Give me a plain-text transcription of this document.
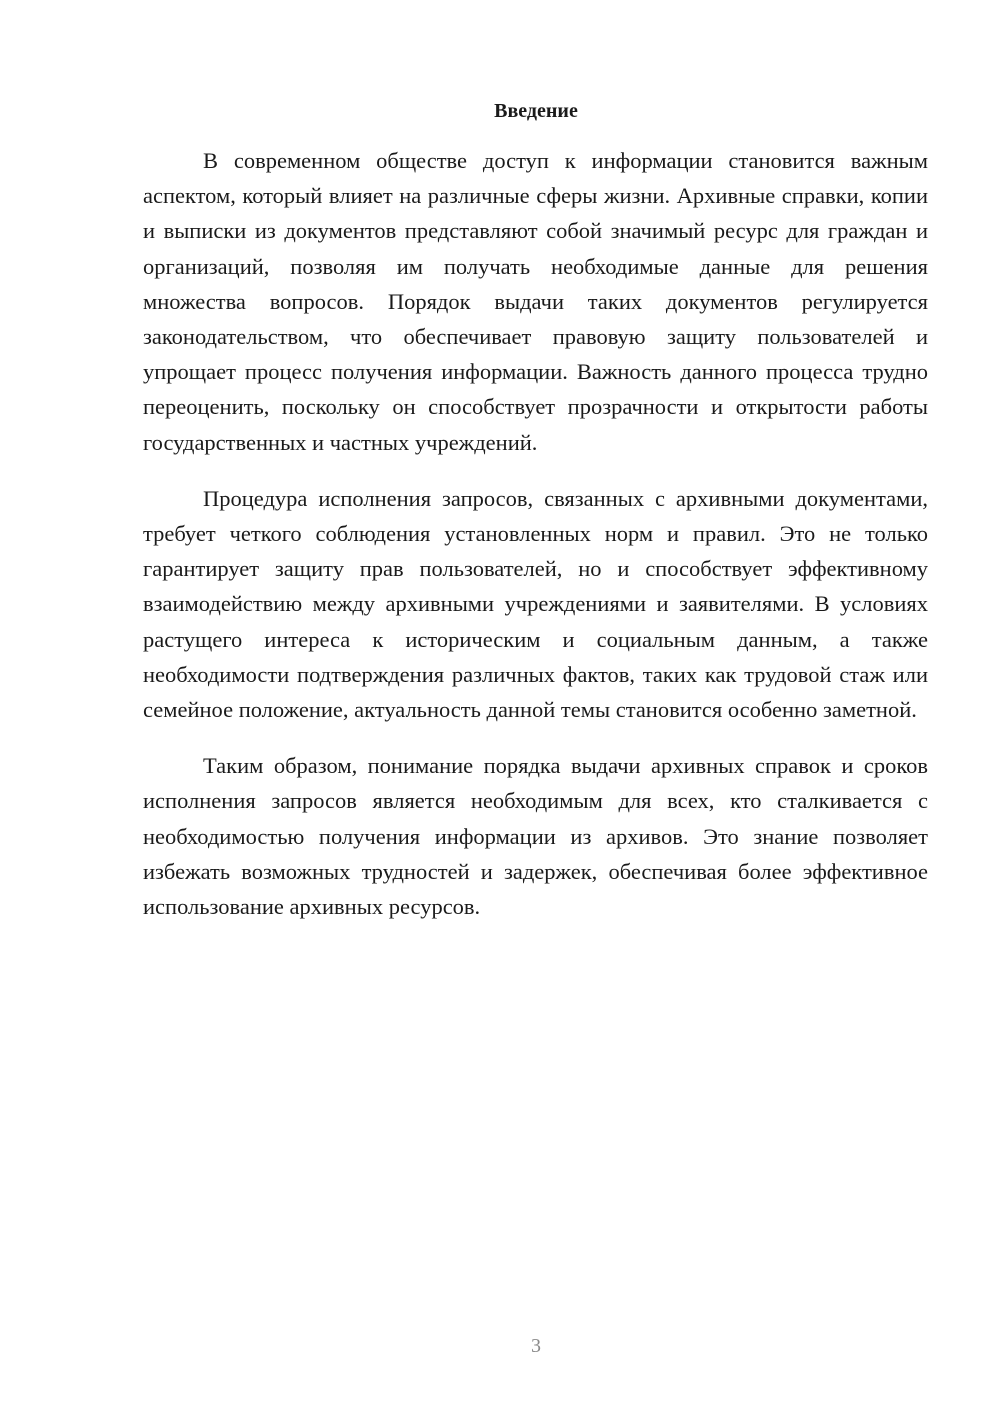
Введение

В современном обществе доступ к информации становится важным аспектом, который влияет на различные сферы жизни. Архивные справки, копии и выписки из документов представляют собой значимый ресурс для граждан и организаций, позволяя им получать необходимые данные для решения множества вопросов. Порядок выдачи таких документов регулируется законодательством, что обеспечивает правовую защиту пользователей и упрощает процесс получения информации. Важность данного процесса трудно переоценить, поскольку он способствует прозрачности и открытости работы государственных и частных учреждений.

Процедура исполнения запросов, связанных с архивными документами, требует четкого соблюдения установленных норм и правил. Это не только гарантирует защиту прав пользователей, но и способствует эффективному взаимодействию между архивными учреждениями и заявителями. В условиях растущего интереса к историческим и социальным данным, а также необходимости подтверждения различных фактов, таких как трудовой стаж или семейное положение, актуальность данной темы становится особенно заметной.

Таким образом, понимание порядка выдачи архивных справок и сроков исполнения запросов является необходимым для всех, кто сталкивается с необходимостью получения информации из архивов. Это знание позволяет избежать возможных трудностей и задержек, обеспечивая более эффективное использование архивных ресурсов.

3
